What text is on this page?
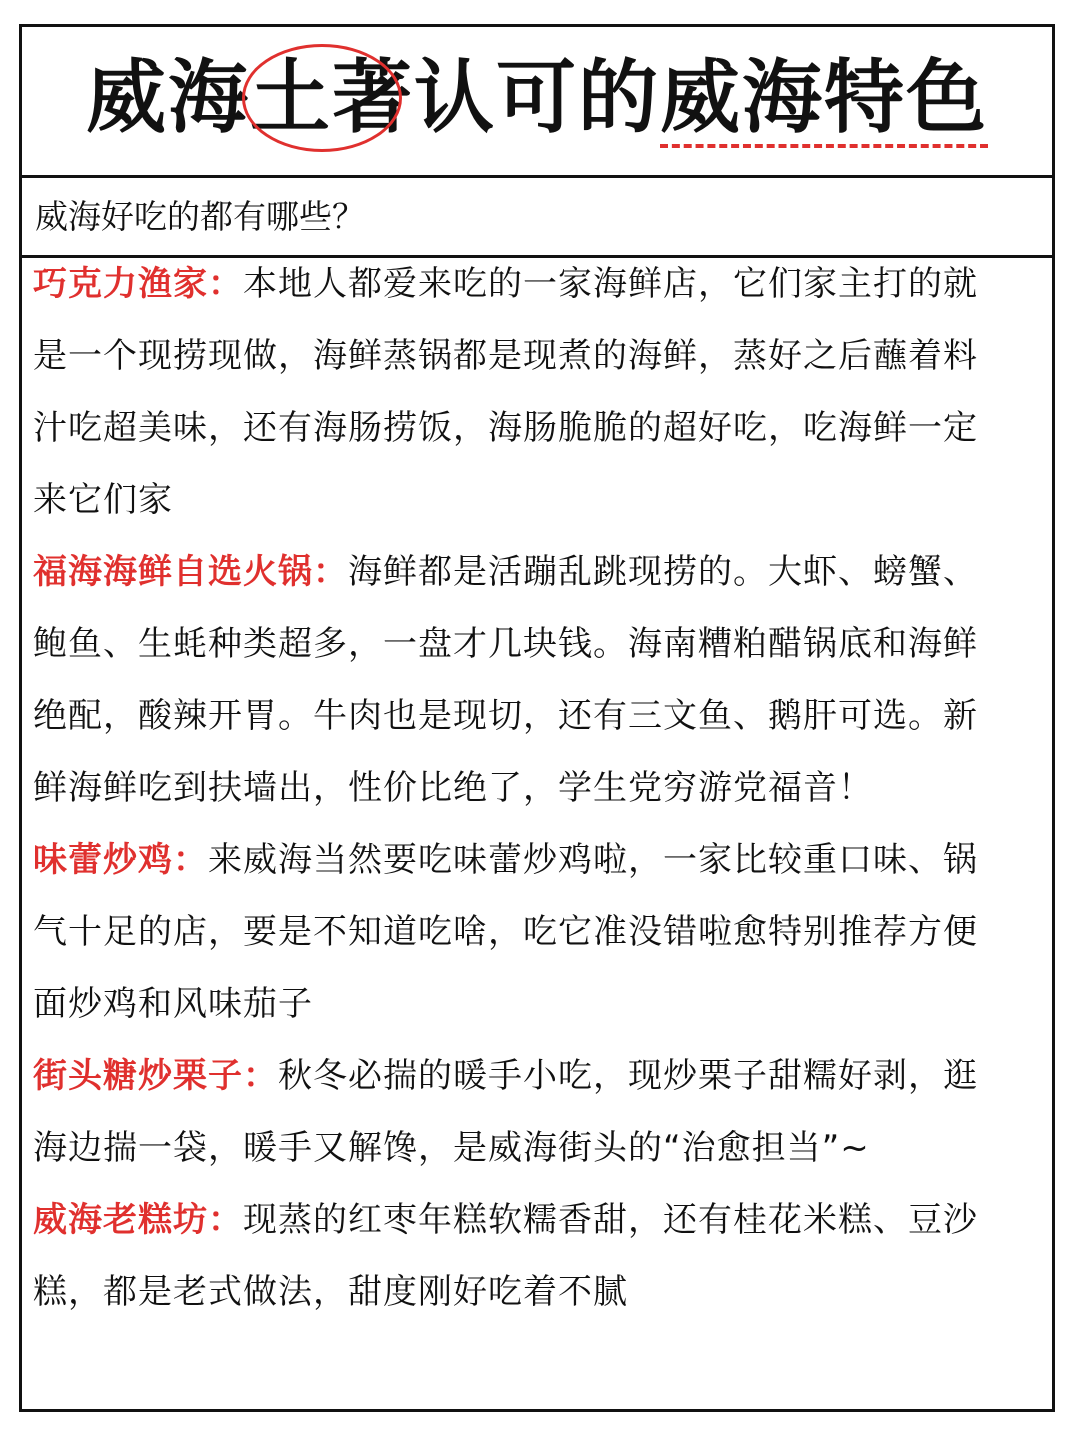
威海土著
认可的威海特色
威海好吃的都有哪些？

巧克力渔家：本地人都爱来吃的一家海鲜店，它们家主打的就是一个现捞现做，海鲜蒸锅都是现煮的海鲜，蒸好之后蘸着料汁吃超美味，还有海肠捞饭，海肠脆脆的超好吃，吃海鲜一定来它们家

福海海鲜自选火锅：海鲜都是活蹦乱跳现捞的。大虾、螃蟹、鲍鱼、生蚝种类超多，一盘才几块钱。海南糟粕醋锅底和海鲜绝配，酸辣开胃。牛肉也是现切，还有三文鱼、鹅肝可选。新鲜海鲜吃到扶墙出，性价比绝了，学生党穷游党福音！

味蕾炒鸡：来威海当然要吃味蕾炒鸡啦，一家比较重口味、锅气十足的店，要是不知道吃啥，吃它准没错啦愈特别推荐方便面炒鸡和风味茄子

街头糖炒栗子：秋冬必揣的暖手小吃，现炒栗子甜糯好剥，逛海边揣一袋，暖手又解馋，是威海街头的“治愈担当”~

威海老糕坊：现蒸的红枣年糕软糯香甜，还有桂花米糕、豆沙糕，都是老式做法，甜度刚好吃着不腻
